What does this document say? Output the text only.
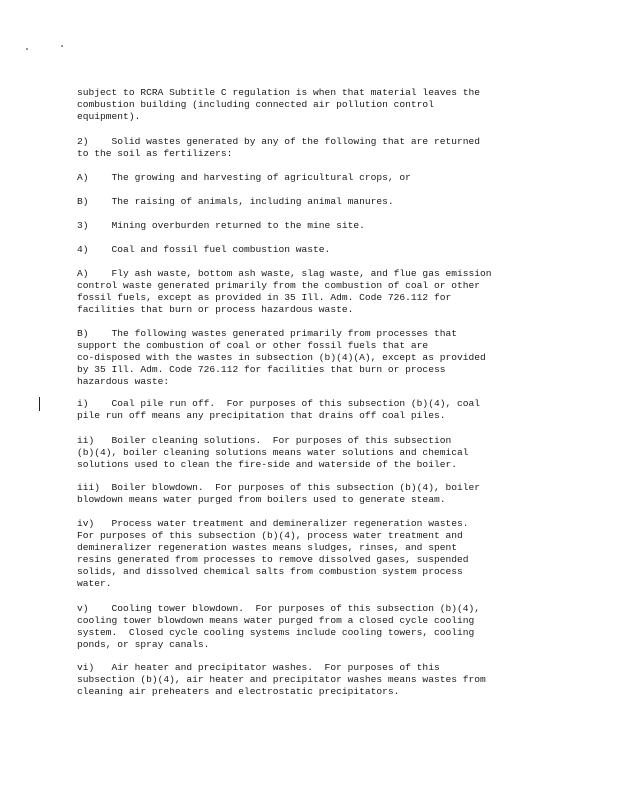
subject to RCRA Subtitle C regulation is when that material leaves the
combustion building (including connected air pollution control
equipment).

2)    Solid wastes generated by any of the following that are returned
to the soil as fertilizers:

A)    The growing and harvesting of agricultural crops, or

B)    The raising of animals, including animal manures.

3)    Mining overburden returned to the mine site.

4)    Coal and fossil fuel combustion waste.

A)    Fly ash waste, bottom ash waste, slag waste, and flue gas emission
control waste generated primarily from the combustion of coal or other
fossil fuels, except as provided in 35 Ill. Adm. Code 726.112 for
facilities that burn or process hazardous waste.

B)    The following wastes generated primarily from processes that
support the combustion of coal or other fossil fuels that are
co-disposed with the wastes in subsection (b)(4)(A), except as provided
by 35 Ill. Adm. Code 726.112 for facilities that burn or process
hazardous waste:

i)    Coal pile run off.  For purposes of this subsection (b)(4), coal
pile run off means any precipitation that drains off coal piles.

ii)   Boiler cleaning solutions.  For purposes of this subsection
(b)(4), boiler cleaning solutions means water solutions and chemical
solutions used to clean the fire-side and waterside of the boiler.

iii)  Boiler blowdown.  For purposes of this subsection (b)(4), boiler
blowdown means water purged from boilers used to generate steam.

iv)   Process water treatment and demineralizer regeneration wastes.
For purposes of this subsection (b)(4), process water treatment and
demineralizer regeneration wastes means sludges, rinses, and spent
resins generated from processes to remove dissolved gases, suspended
solids, and dissolved chemical salts from combustion system process
water.

v)    Cooling tower blowdown.  For purposes of this subsection (b)(4),
cooling tower blowdown means water purged from a closed cycle cooling
system.  Closed cycle cooling systems include cooling towers, cooling
ponds, or spray canals.

vi)   Air heater and precipitator washes.  For purposes of this
subsection (b)(4), air heater and precipitator washes means wastes from
cleaning air preheaters and electrostatic precipitators.
